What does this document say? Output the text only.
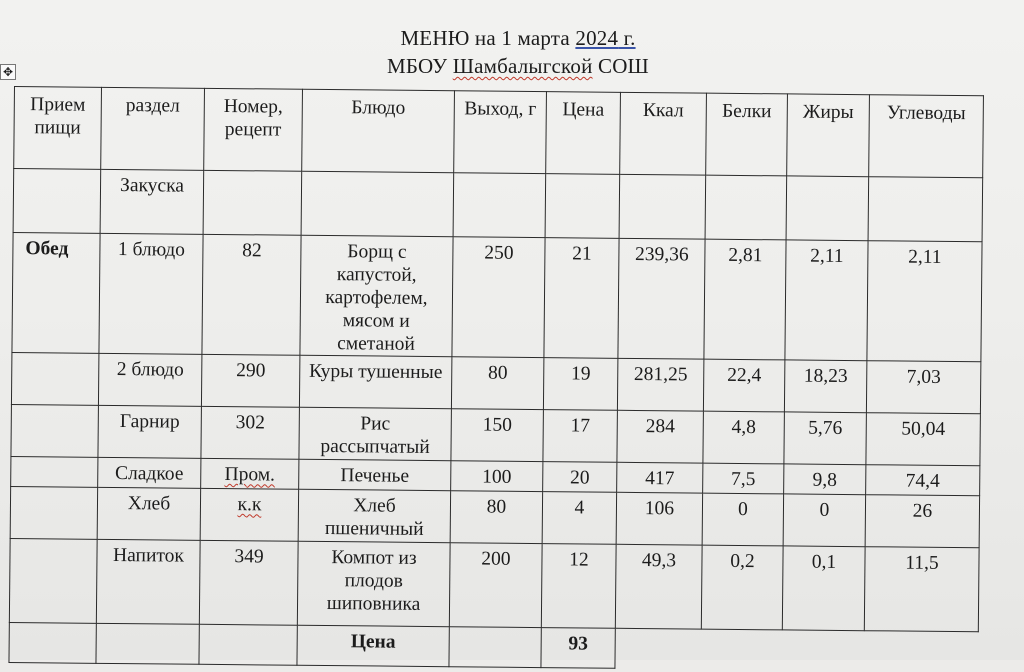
МЕНЮ на 1 марта 2024 г.
МБОУ Шамбалыгской СОШ
✥
Прием пищи	раздел	Номер, рецепт	Блюдо	Выход, г	Цена	Ккал	Белки	Жиры	Углеводы
	Закуска								
Обед	1 блюдо	82	Борщ с капустой, картофелем, мясом и сметаной	250	21	239,36	2,81	2,11	2,11
	2 блюдо	290	Куры тушенные	80	19	281,25	22,4	18,23	7,03
	Гарнир	302	Рис рассыпчатый	150	17	284	4,8	5,76	50,04
	Сладкое	Пром.	Печенье	100	20	417	7,5	9,8	74,4
	Хлеб	к.к	Хлеб пшеничный	80	4	106	0	0	26
	Напиток	349	Компот из плодов шиповника	200	12	49,3	0,2	0,1	11,5
			Цена		93				
